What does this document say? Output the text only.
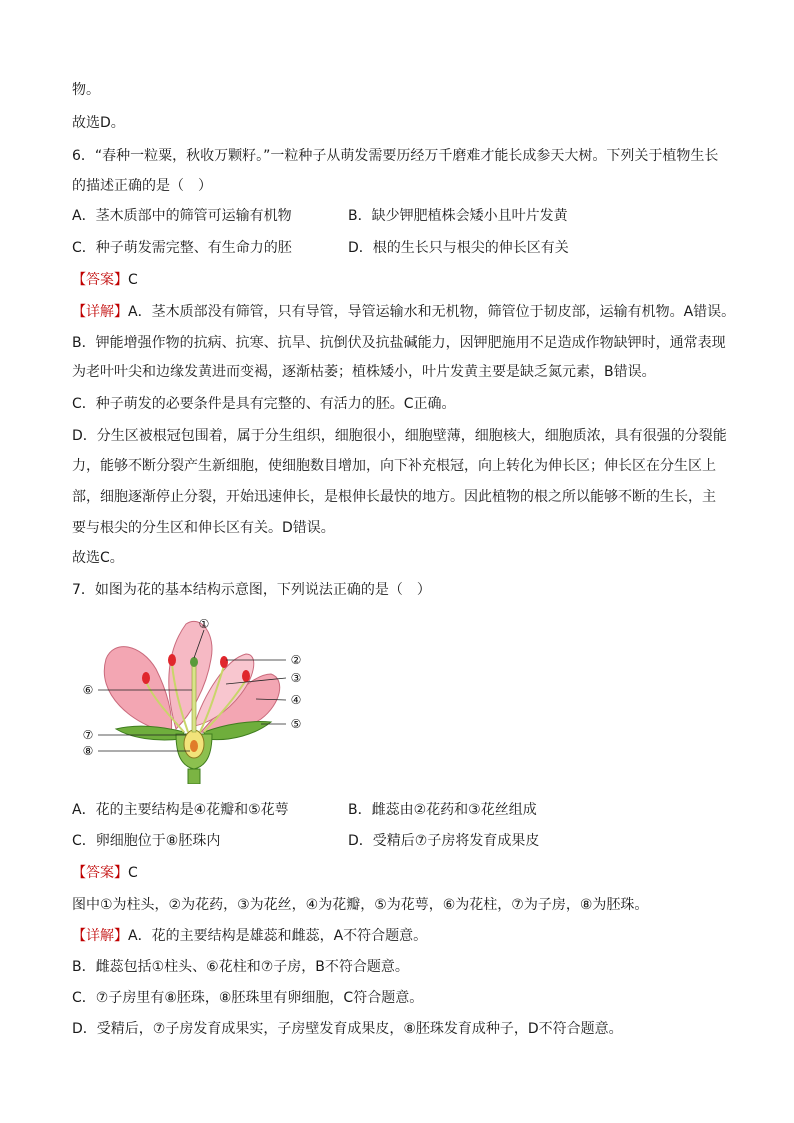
物。
故选D。
6．“春种一粒粟，秋收万颗籽。”一粒种子从萌发需要历经万千磨难才能长成参天大树。下列关于植物生长
的描述正确的是（　）
A．茎木质部中的筛管可运输有机物	B．缺少钾肥植株会矮小且叶片发黄
C．种子萌发需完整、有生命力的胚	D．根的生长只与根尖的伸长区有关
【答案】C
【详解】A．茎木质部没有筛管，只有导管，导管运输水和无机物，筛管位于韧皮部，运输有机物。A错误。
B．钾能增强作物的抗病、抗寒、抗旱、抗倒伏及抗盐碱能力，因钾肥施用不足造成作物缺钾时，通常表现
为老叶叶尖和边缘发黄进而变褐，逐渐枯萎；植株矮小，叶片发黄主要是缺乏氮元素，B错误。
C．种子萌发的必要条件是具有完整的、有活力的胚。C正确。
D．分生区被根冠包围着，属于分生组织，细胞很小，细胞壁薄，细胞核大，细胞质浓，具有很强的分裂能
力，能够不断分裂产生新细胞，使细胞数目增加，向下补充根冠，向上转化为伸长区；伸长区在分生区上
部，细胞逐渐停止分裂，开始迅速伸长，是根伸长最快的地方。因此植物的根之所以能够不断的生长，主
要与根尖的分生区和伸长区有关。D错误。
故选C。
7．如图为花的基本结构示意图，下列说法正确的是（　）
①
②
③
④
⑤
⑥
⑦
⑧
A．花的主要结构是④花瓣和⑤花萼	B．雌蕊由②花药和③花丝组成
C．卵细胞位于⑧胚珠内	D．受精后⑦子房将发育成果皮
【答案】C
图中①为柱头，②为花药，③为花丝，④为花瓣，⑤为花萼，⑥为花柱，⑦为子房，⑧为胚珠。
【详解】A．花的主要结构是雄蕊和雌蕊，A不符合题意。
B．雌蕊包括①柱头、⑥花柱和⑦子房，B不符合题意。
C．⑦子房里有⑧胚珠，⑧胚珠里有卵细胞，C符合题意。
D．受精后，⑦子房发育成果实，子房壁发育成果皮，⑧胚珠发育成种子，D不符合题意。
